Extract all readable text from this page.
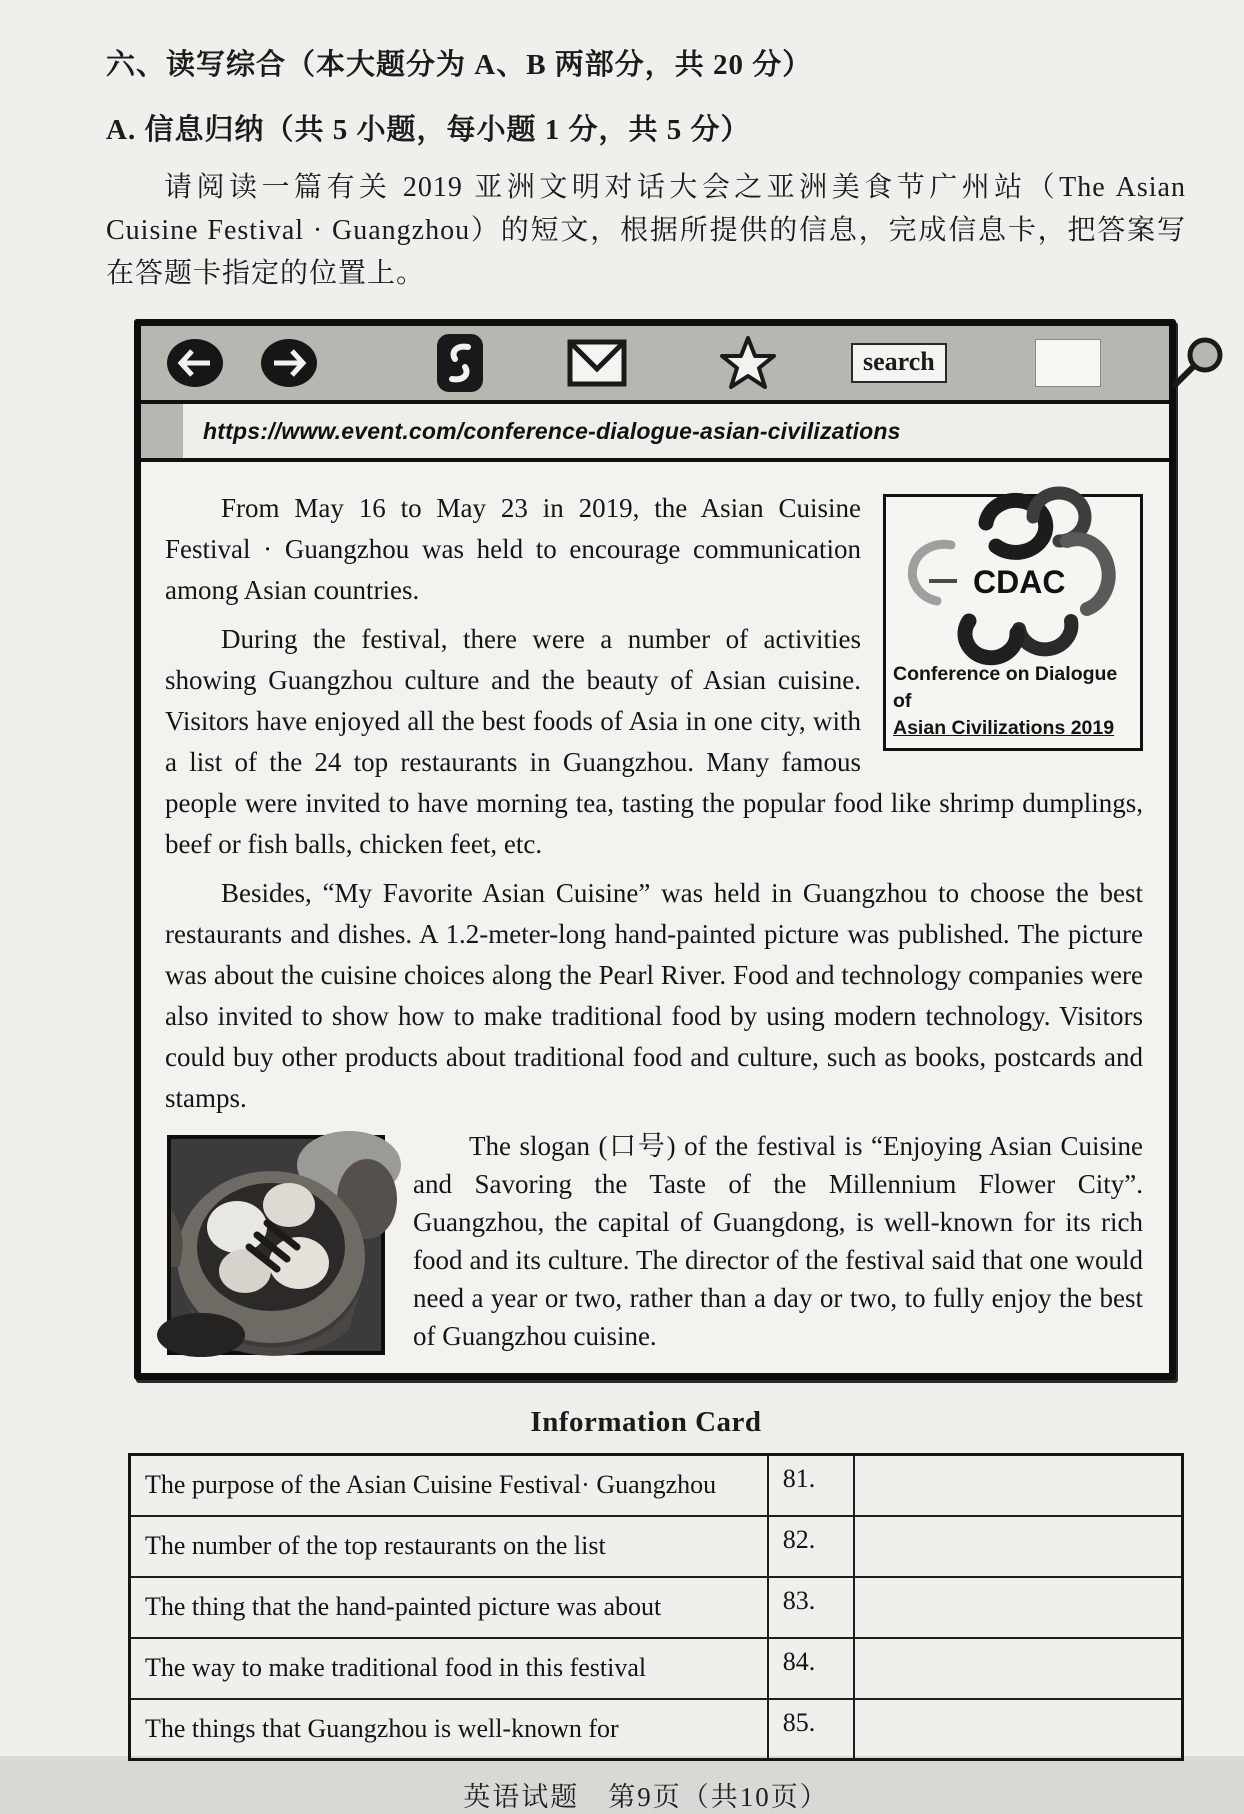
六、读写综合（本大题分为 A、B 两部分，共 20 分）
A. 信息归纳（共 5 小题，每小题 1 分，共 5 分）

请阅读一篇有关 2019 亚洲文明对话大会之亚洲美食节广州站（The Asian Cuisine Festival · Guangzhou）的短文，根据所提供的信息，完成信息卡，把答案写在答题卡指定的位置上。

search
https://www.event.com/conference-dialogue-asian-civilizations
CDAC
Conference on Dialogue of
Asian Civilizations 2019

From May 16 to May 23 in 2019, the Asian Cuisine Festival · Guangzhou was held to encourage communication among Asian countries.

During the festival, there were a number of activities showing Guangzhou culture and the beauty of Asian cuisine. Visitors have enjoyed all the best foods of Asia in one city, with a list of the 24 top restaurants in Guangzhou. Many famous people were invited to have morning tea, tasting the popular food like shrimp dumplings, beef or fish balls, chicken feet, etc.

Besides, “My Favorite Asian Cuisine” was held in Guangzhou to choose the best restaurants and dishes. A 1.2-meter-long hand-painted picture was published. The picture was about the cuisine choices along the Pearl River. Food and technology companies were also invited to show how to make traditional food by using modern technology. Visitors could buy other products about traditional food and culture, such as books, postcards and stamps.

The slogan (口号) of the festival is “Enjoying Asian Cuisine and Savoring the Taste of the Millennium Flower City”. Guangzhou, the capital of Guangdong, is well-known for its rich food and its culture. The director of the festival said that one would need a year or two, rather than a day or two, to fully enjoy the best of Guangzhou cuisine.

Information Card
The purpose of the Asian Cuisine Festival· Guangzhou	81.	
The number of the top restaurants on the list	82.	
The thing that the hand-painted picture was about	83.	
The way to make traditional food in this festival	84.	
The things that Guangzhou is well-known for	85.	
英语试题　第9页（共10页）
